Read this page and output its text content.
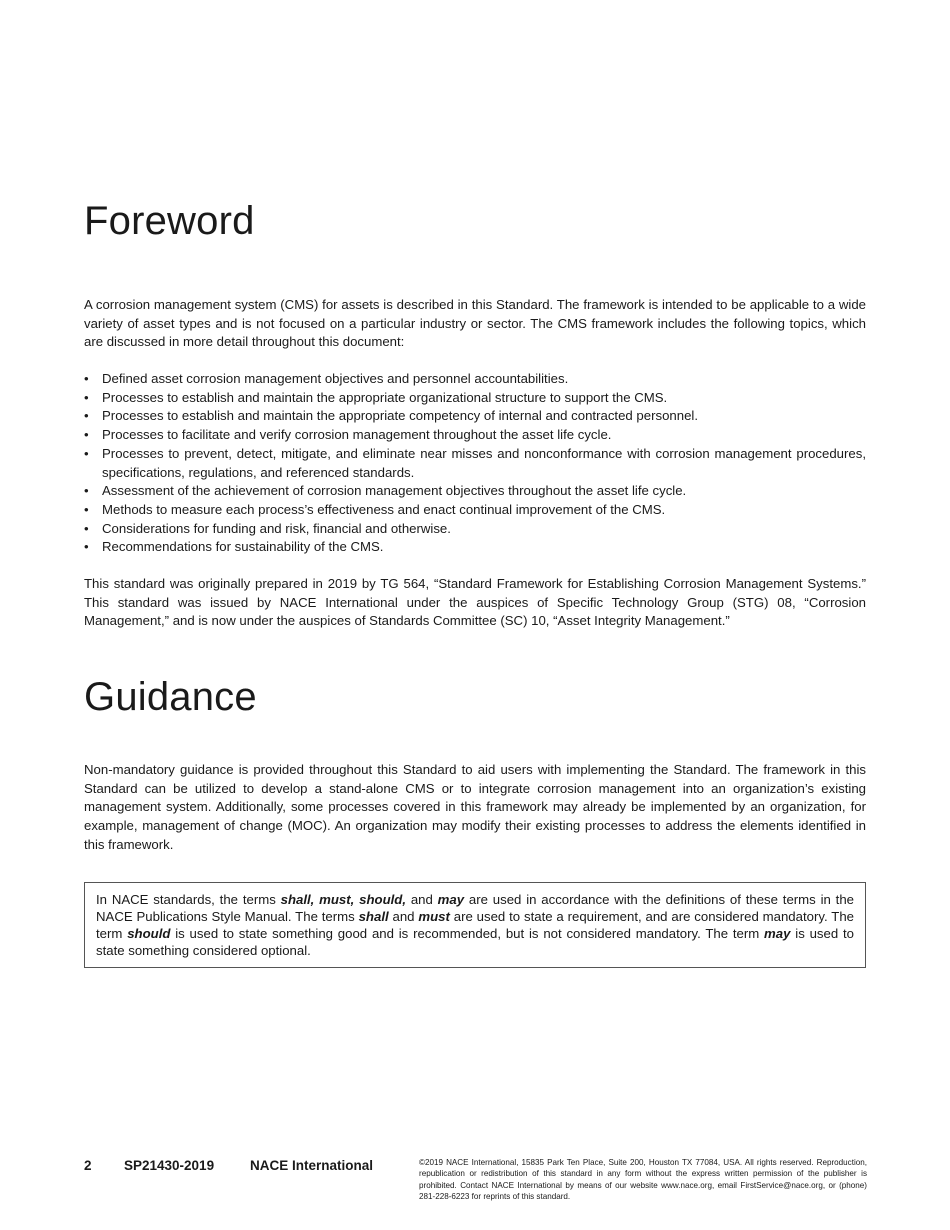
Foreword

A corrosion management system (CMS) for assets is described in this Standard. The framework is intended to be applicable to a wide variety of asset types and is not focused on a particular industry or sector. The CMS framework includes the following topics, which are discussed in more detail throughout this document:

• Defined asset corrosion management objectives and personnel accountabilities.
• Processes to establish and maintain the appropriate organizational structure to support the CMS.
• Processes to establish and maintain the appropriate competency of internal and contracted personnel.
• Processes to facilitate and verify corrosion management throughout the asset life cycle.
• Processes to prevent, detect, mitigate, and eliminate near misses and nonconformance with corrosion management procedures, specifications, regulations, and referenced standards.
• Assessment of the achievement of corrosion management objectives throughout the asset life cycle.
• Methods to measure each process’s effectiveness and enact continual improvement of the CMS.
• Considerations for funding and risk, financial and otherwise.
• Recommendations for sustainability of the CMS.

This standard was originally prepared in 2019 by TG 564, “Standard Framework for Establishing Corrosion Management Systems.” This standard was issued by NACE International under the auspices of Specific Technology Group (STG) 08, “Corrosion Management,” and is now under the auspices of Standards Committee (SC) 10, “Asset Integrity Management.”

Guidance

Non-mandatory guidance is provided throughout this Standard to aid users with implementing the Standard. The framework in this Standard can be utilized to develop a stand-alone CMS or to integrate corrosion management into an organization’s existing management system. Additionally, some processes covered in this framework may already be implemented by an organization, for example, management of change (MOC). An organization may modify their existing processes to address the elements identified in this framework.

In NACE standards, the terms shall, must, should, and may are used in accordance with the definitions of these terms in the NACE Publications Style Manual. The terms shall and must are used to state a requirement, and are considered mandatory. The term should is used to state something good and is recommended, but is not considered mandatory. The term may is used to state something considered optional.

2 SP21430-2019	NACE International	©2019 NACE International, 15835 Park Ten Place, Suite 200, Houston TX 77084, USA. All rights reserved. Reproduction, republication or redistribution of this standard in any form without the express written permission of the publisher is prohibited. Contact NACE International by means of our website www.nace.org, email FirstService@nace.org, or (phone) 281-228-6223 for reprints of this standard.
